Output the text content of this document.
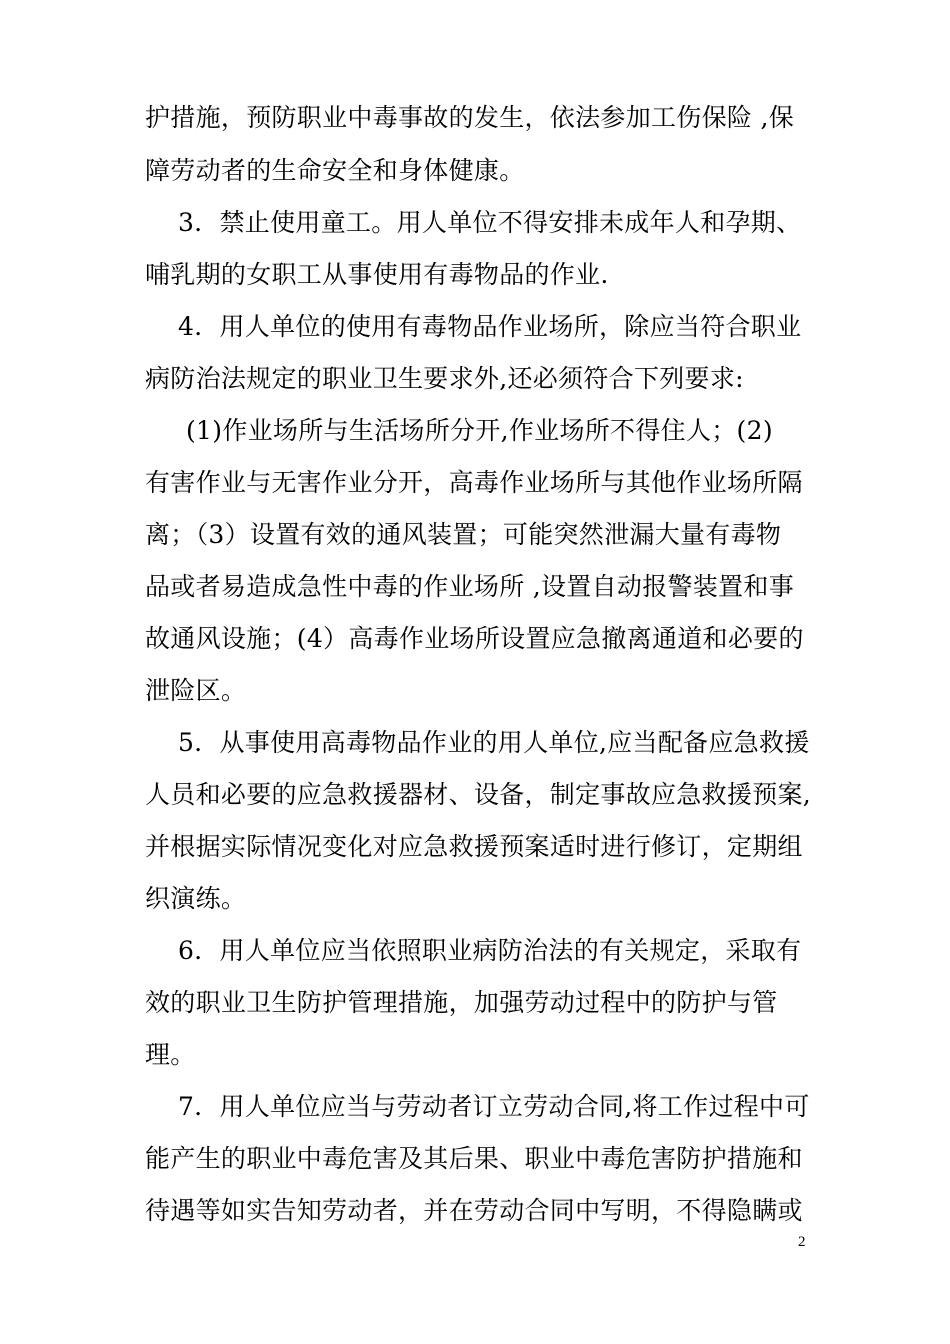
护措施，预防职业中毒事故的发生，依法参加工伤保险 ,保
障劳动者的生命安全和身体健康。
3．禁止使用童工。用人单位不得安排未成年人和孕期、
哺乳期的女职工从事使用有毒物品的作业.
4．用人单位的使用有毒物品作业场所，除应当符合职业
病防治法规定的职业卫生要求外,还必须符合下列要求:
(1)作业场所与生活场所分开,作业场所不得住人；(2)
有害作业与无害作业分开，高毒作业场所与其他作业场所隔
离；（3）设置有效的通风装置；可能突然泄漏大量有毒物
品或者易造成急性中毒的作业场所 ,设置自动报警装置和事
故通风设施；(4）高毒作业场所设置应急撤离通道和必要的
泄险区。
5．从事使用高毒物品作业的用人单位,应当配备应急救援
人员和必要的应急救援器材、设备，制定事故应急救援预案,
并根据实际情况变化对应急救援预案适时进行修订，定期组
织演练。
6．用人单位应当依照职业病防治法的有关规定，采取有
效的职业卫生防护管理措施，加强劳动过程中的防护与管
理。
7．用人单位应当与劳动者订立劳动合同,将工作过程中可
能产生的职业中毒危害及其后果、职业中毒危害防护措施和
待遇等如实告知劳动者，并在劳动合同中写明，不得隐瞒或
2
